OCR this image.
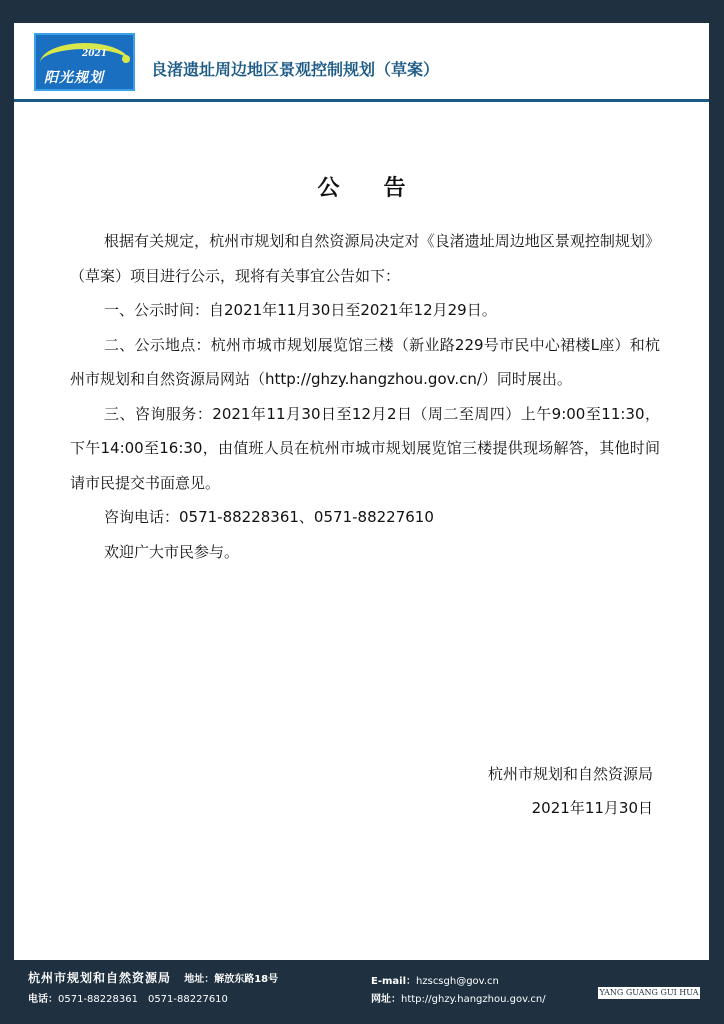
2021
阳光规划	良渚遗址周边地区景观控制规划（草案）
公　　告

根据有关规定，杭州市规划和自然资源局决定对《良渚遗址周边地区景观控制规划》（草案）项目进行公示，现将有关事宜公告如下：

一、公示时间：自2021年11月30日至2021年12月29日。

二、公示地点：杭州市城市规划展览馆三楼（新业路229号市民中心裙楼L座）和杭州市规划和自然资源局网站（http://ghzy.hangzhou.gov.cn/）同时展出。

三、咨询服务：2021年11月30日至12月2日（周二至周四）上午9:00至11:30，下午14:00至16:30，由值班人员在杭州市城市规划展览馆三楼提供现场解答，其他时间请市民提交书面意见。

咨询电话：0571-88228361、0571-88227610

欢迎广大市民参与。

杭州市规划和自然资源局
2021年11月30日
杭州市规划和自然资源局 地址：解放东路18号	E-mail：hzscsgh@gov.cn
电话：0571-88228361　0571-88227610	网址：http://ghzy.hangzhou.gov.cn/
YANG GUANG GUI HUA
